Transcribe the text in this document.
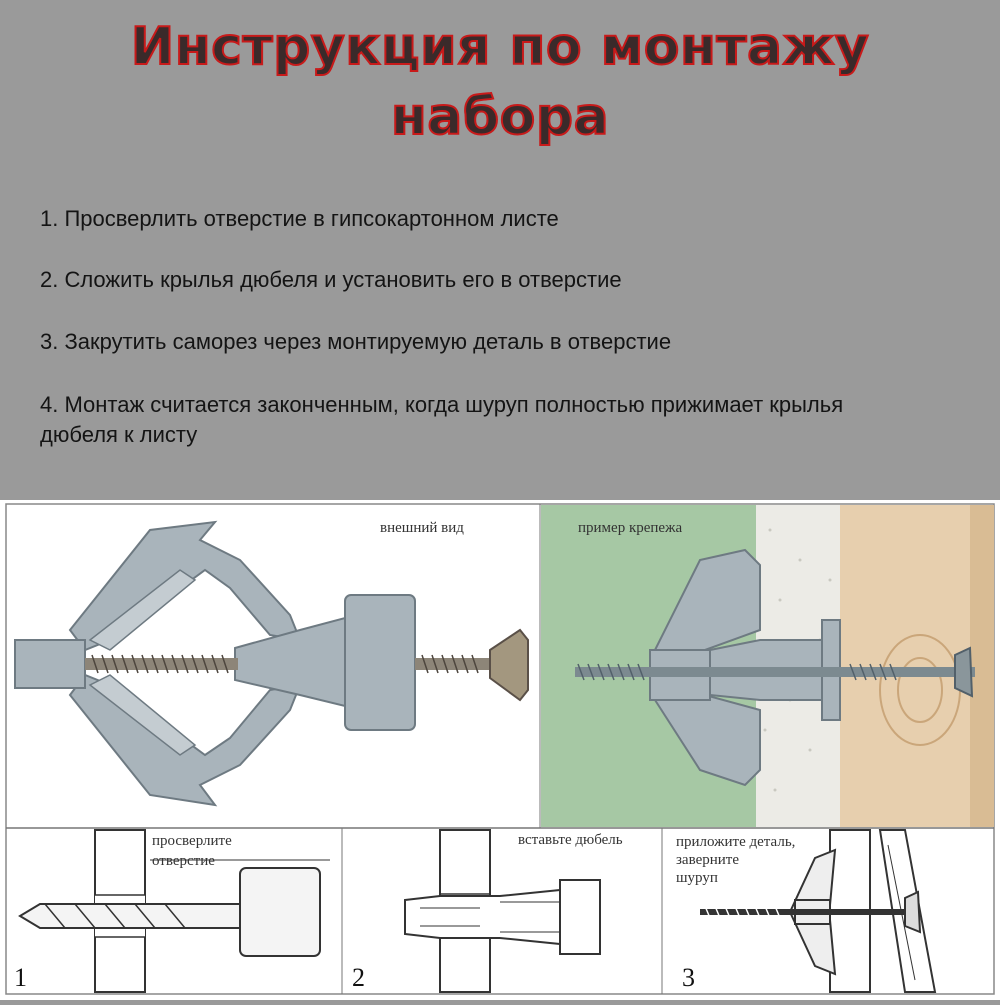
Инструкция по монтажу
набора

1. Просверлить отверстие в гипсокартонном листе

2. Сложить крылья дюбеля и установить его в отверстие

3. Закрутить саморез через монтируемую деталь в отверстие

4. Монтаж считается законченным, когда шуруп полностью прижимает крылья дюбеля к листу

внешний вид	пример крепежа
просверлите
отверстие
1
вставьте дюбель
2
приложите деталь,
заверните
шуруп
3
